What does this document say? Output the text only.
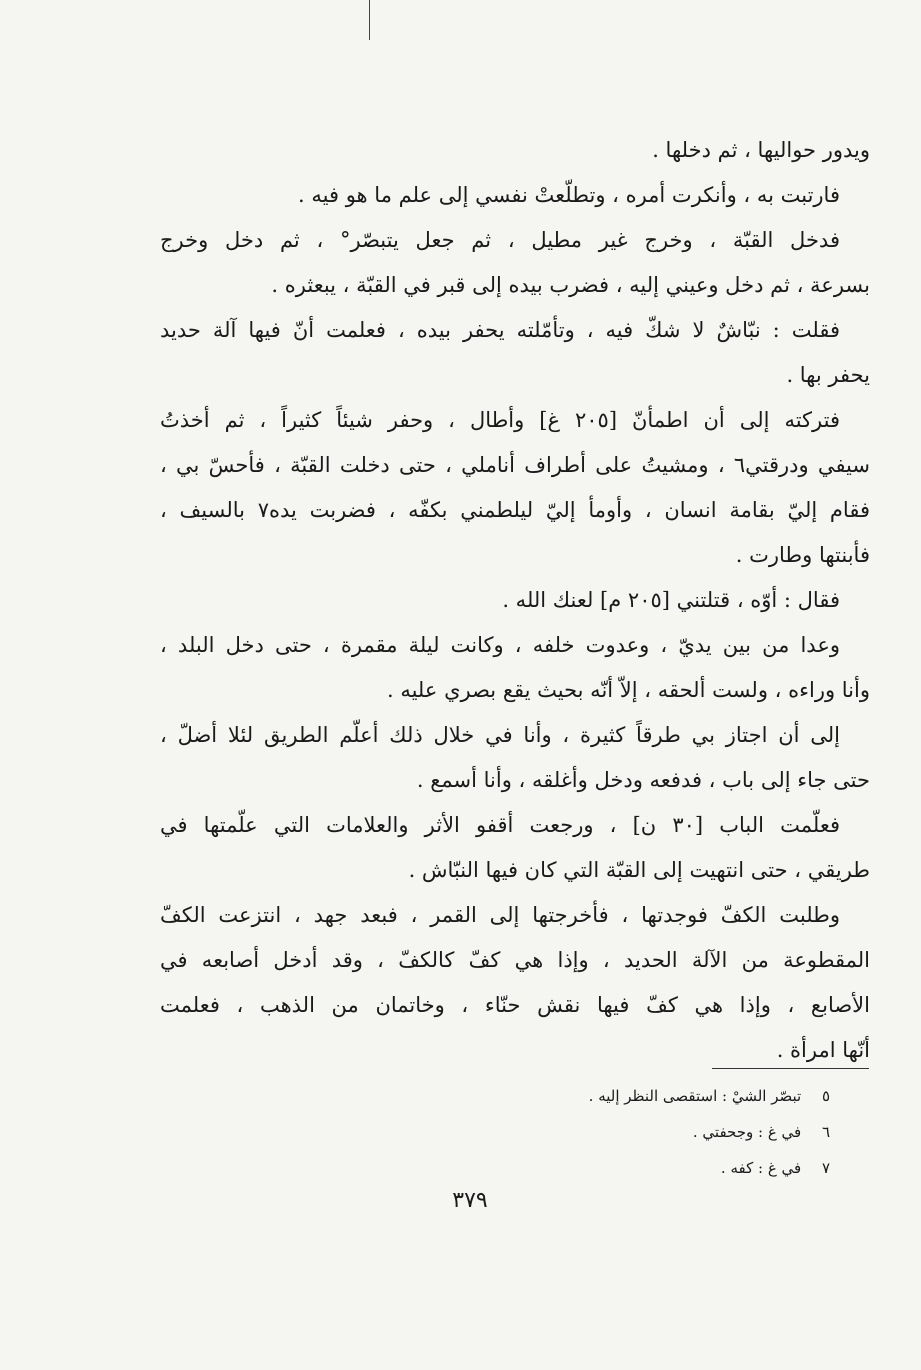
ويدور حواليها ، ثم دخلها .
فارتبت به ، وأنكرت أمره ، وتطلّعتْ نفسي إلى علم ما هو فيه .
فدخل القبّة ، وخرج غير مطيل ، ثم جعل يتبصّر° ، ثم دخل وخرج
بسرعة ، ثم دخل وعيني إليه ، فضرب بيده إلى قبر في القبّة ، يبعثره .
فقلت : نبّاشٌ لا شكّ فيه ، وتأمّلته يحفر بيده ، فعلمت أنّ فيها آلة حديد
يحفر بها .
فتركته إلى أن اطمأنّ [٢٠٥ غ] وأطال ، وحفر شيئاً كثيراً ، ثم أخذتُ
سيفي ودرقتي٦ ، ومشيتُ على أطراف أناملي ، حتى دخلت القبّة ، فأحسّ بي ،
فقام إليّ بقامة انسان ، وأومأ إليّ ليلطمني بكفّه ، فضربت يده٧ بالسيف ،
فأبنتها وطارت .
فقال : أوّه ، قتلتني [٢٠٥ م] لعنك الله .
وعدا من بين يديّ ، وعدوت خلفه ، وكانت ليلة مقمرة ، حتى دخل البلد ،
وأنا وراءه ، ولست ألحقه ، إلاّ أنّه بحيث يقع بصري عليه .
إلى أن اجتاز بي طرقاً كثيرة ، وأنا في خلال ذلك أعلّم الطريق لئلا أضلّ ،
حتى جاء إلى باب ، فدفعه ودخل وأغلقه ، وأنا أسمع .
فعلّمت الباب [٣٠ ن] ، ورجعت أقفو الأثر والعلامات التي علّمتها في
طريقي ، حتى انتهيت إلى القبّة التي كان فيها النبّاش .
وطلبت الكفّ فوجدتها ، فأخرجتها إلى القمر ، فبعد جهد ، انتزعت الكفّ
المقطوعة من الآلة الحديد ، وإذا هي كفّ كالكفّ ، وقد أدخل أصابعه في
الأصابع ، وإذا هي كفّ فيها نقش حنّاء ، وخاتمان من الذهب ، فعلمت
أنّها امرأة .
٥ تبصّر الشيْ : استقصى النظر إليه .
٦ في غ : وجحفتي .
٧ في غ : كفه .
٣٧٩
